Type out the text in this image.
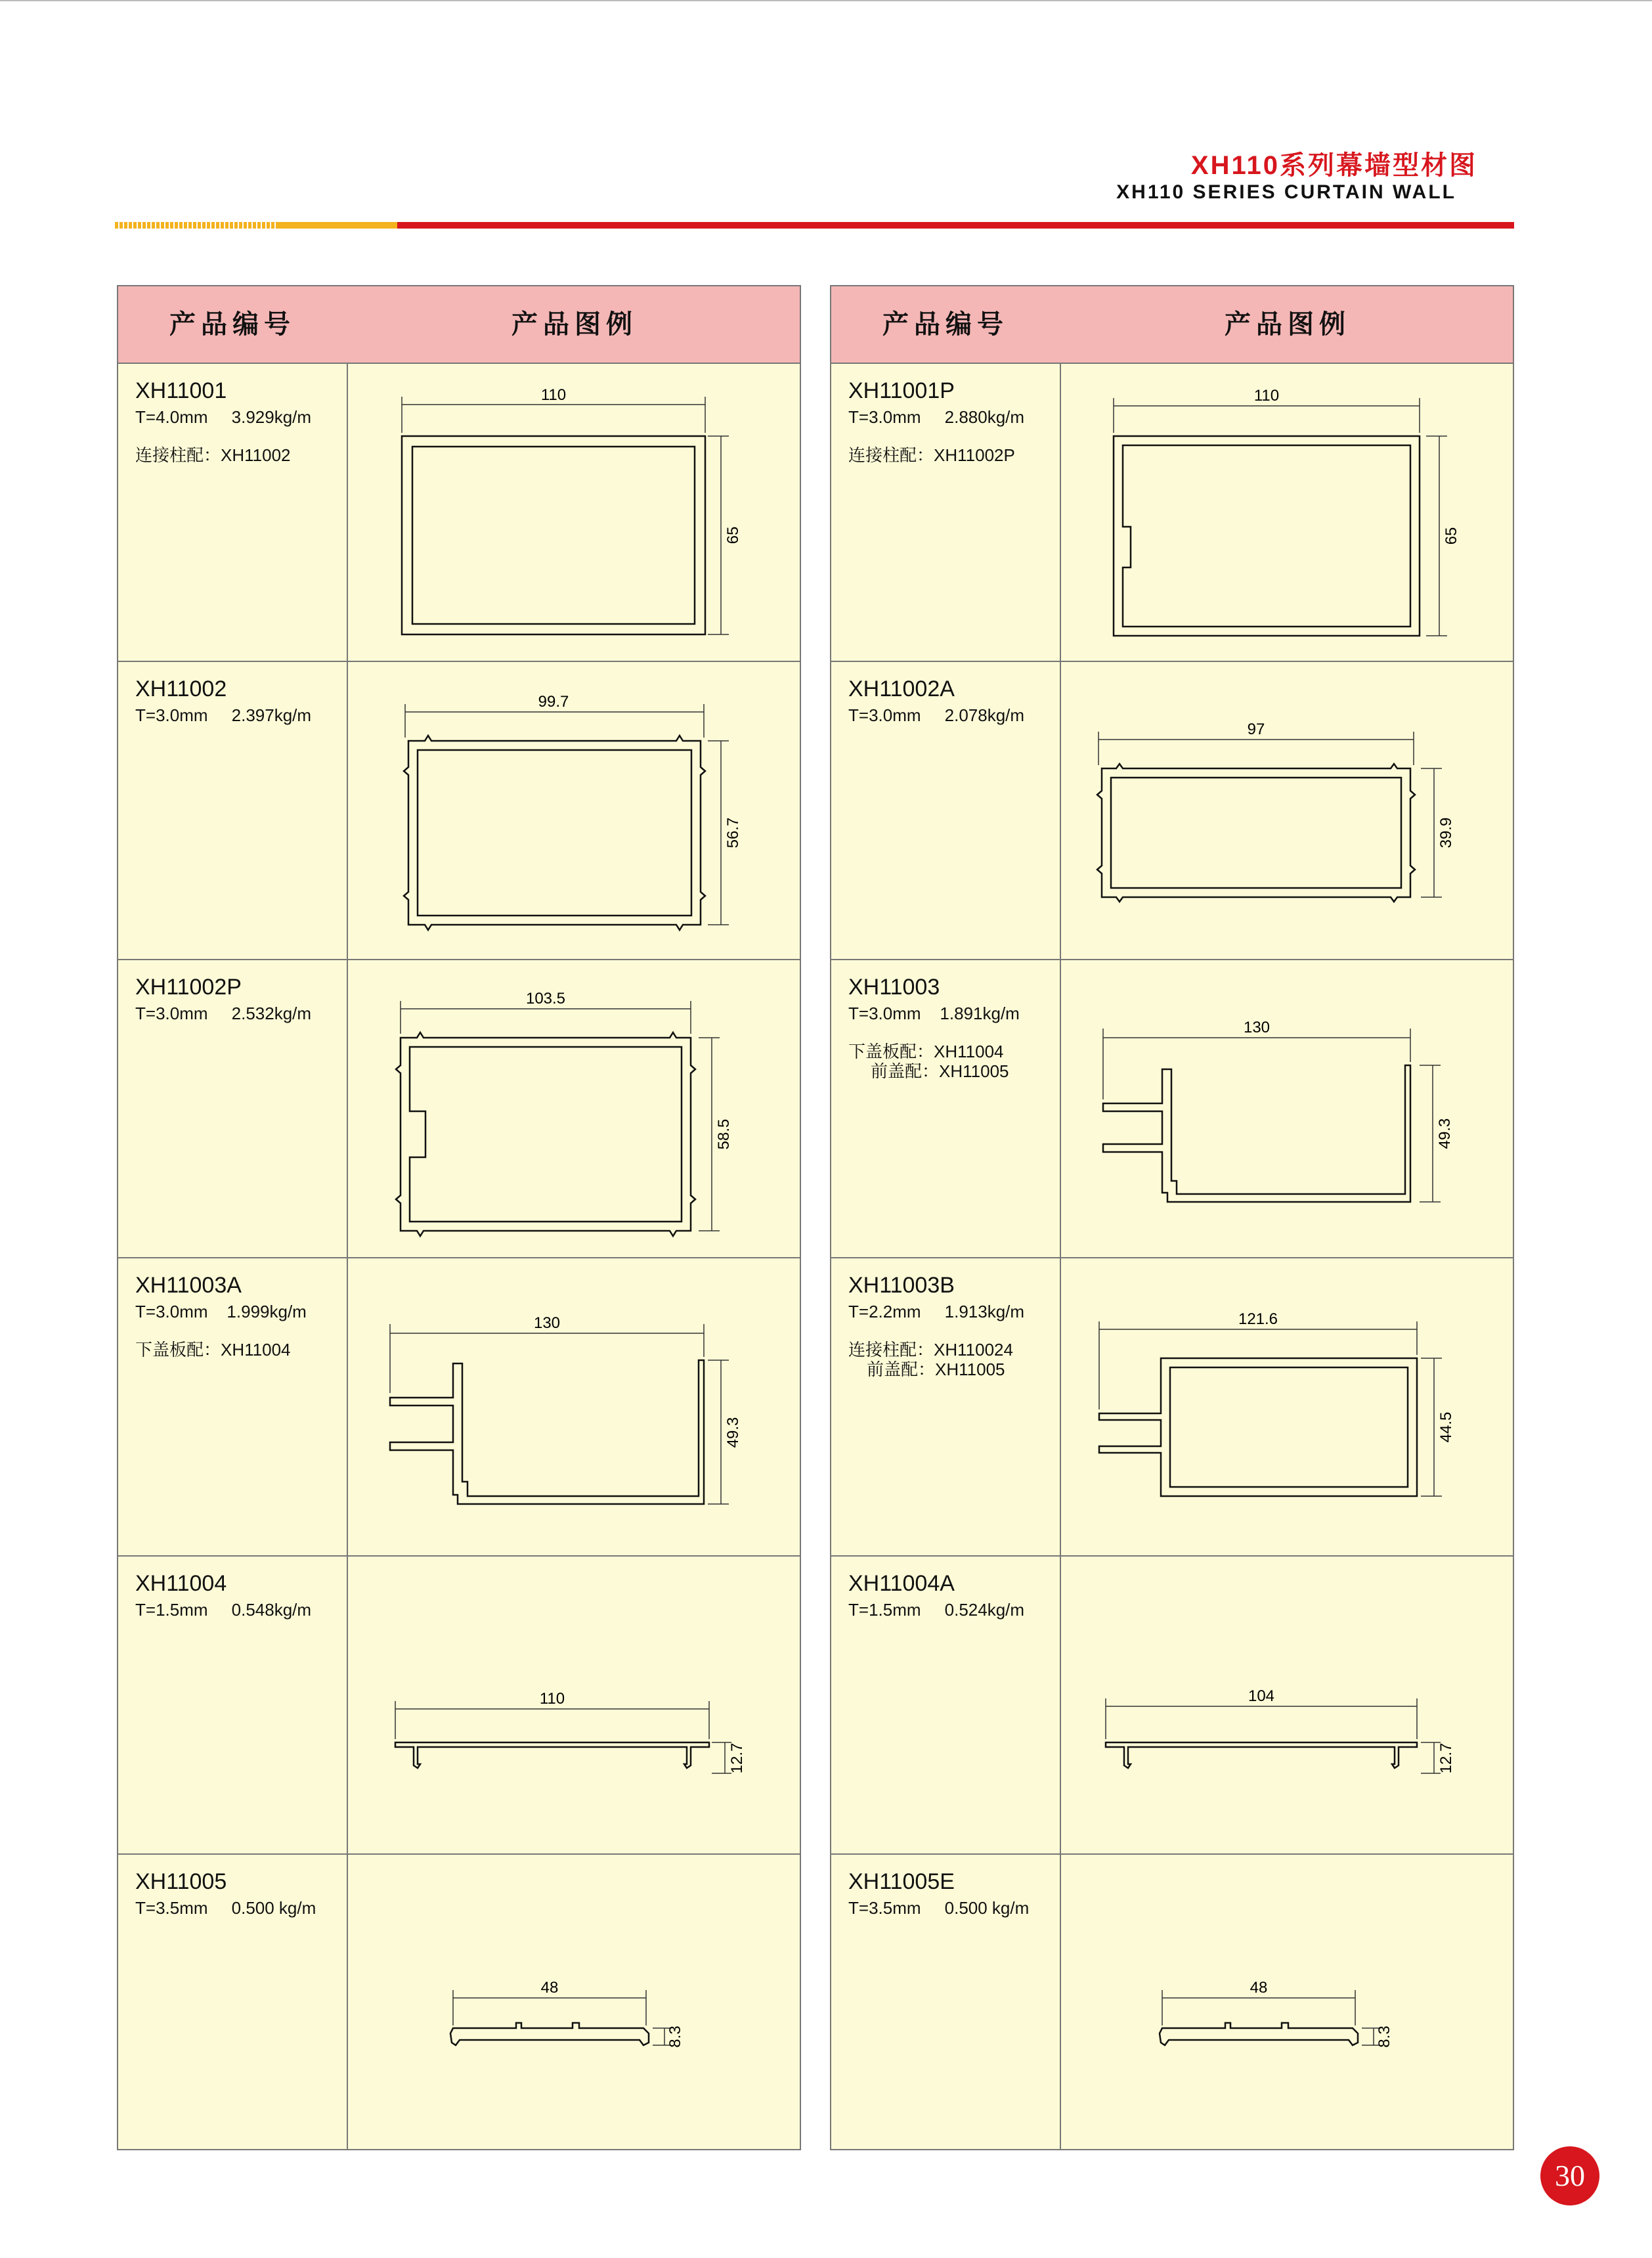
XH110系列幕墙型材图
XH110 SERIES CURTAIN WALL
产品编号	产品图例
XH11001
T=4.0mm     3.929kg/m
连接柱配：XH11002
110
65
XH11002
T=3.0mm     2.397kg/m
99.7
56.7
XH11002P
T=3.0mm     2.532kg/m
103.5
58.5
XH11003A
T=3.0mm    1.999kg/m
下盖板配：XH11004
130
49.3
XH11004
T=1.5mm     0.548kg/m
110
12.7
XH11005
T=3.5mm     0.500 kg/m
48
8.3
产品编号	产品图例
XH11001P
T=3.0mm     2.880kg/m
连接柱配：XH11002P
110
65
XH11002A
T=3.0mm     2.078kg/m
97
39.9
XH11003
T=3.0mm    1.891kg/m
下盖板配：XH11004
前盖配：XH11005
130
49.3
XH11003B
T=2.2mm     1.913kg/m
连接柱配：XH110024
前盖配：XH11005
121.6
44.5
XH11004A
T=1.5mm     0.524kg/m
104
12.7
XH11005E
T=3.5mm     0.500 kg/m
48
8.3
30
